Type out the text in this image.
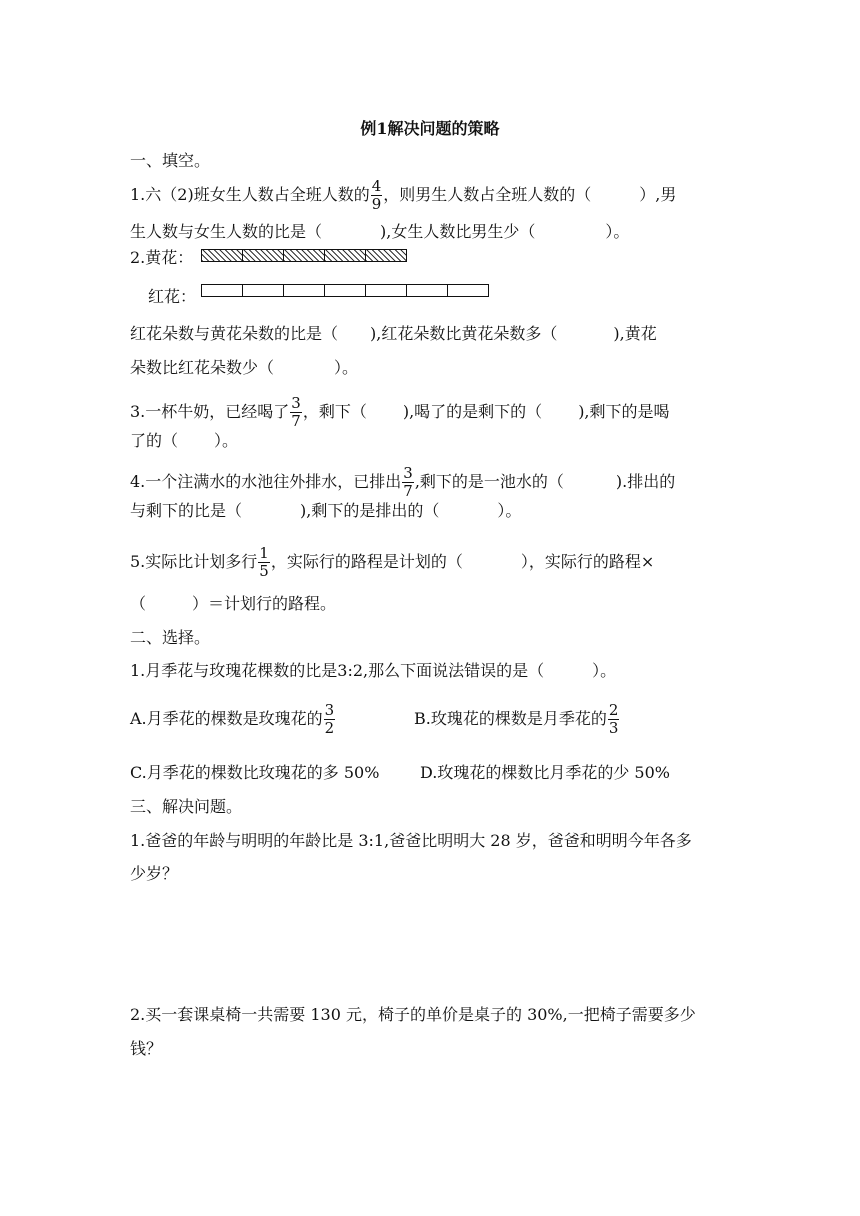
例1解决问题的策略
一、填空。
1.六（2)班女生人数占全班人数的 $\frac{4}{9}$ ，则男生人数占全班人数的（	）,男
生人数与女生人数的比是（	),女生人数比男生少（	）。
2.黄花：
红花：
红花朵数与黄花朵数的比是（ ),红花朵数比黄花朵数多（	),黄花
朵数比红花朵数少（	）。
3.一杯牛奶，已经喝了 $\frac{3}{7}$ ，剩下（ ),喝了的是剩下的（ ),剩下的是喝
了的（ ）。
4.一个注满水的水池往外排水，已排出 $\frac{3}{7}$ ,剩下的是一池水的（	).排出的
与剩下的比是（	),剩下的是排出的（	）。
5.实际比计划多行 $\frac{1}{5}$ ，实际行的路程是计划的（	），实际行的路程×
（	）＝计划行的路程。
二、选择。
1.月季花与玫瑰花棵数的比是3:2,那么下面说法错误的是（	）。
A.月季花的棵数是玫瑰花的 $\frac{3}{2}$	B.玫瑰花的棵数是月季花的 $\frac{2}{3}$
C.月季花的棵数比玫瑰花的多 50%	D.玫瑰花的棵数比月季花的少 50%
三、解决问题。
1.爸爸的年龄与明明的年龄比是 3:1,爸爸比明明大 28 岁，爸爸和明明今年各多
少岁？
2.买一套课桌椅一共需要 130 元，椅子的单价是桌子的 30%,一把椅子需要多少
钱？
